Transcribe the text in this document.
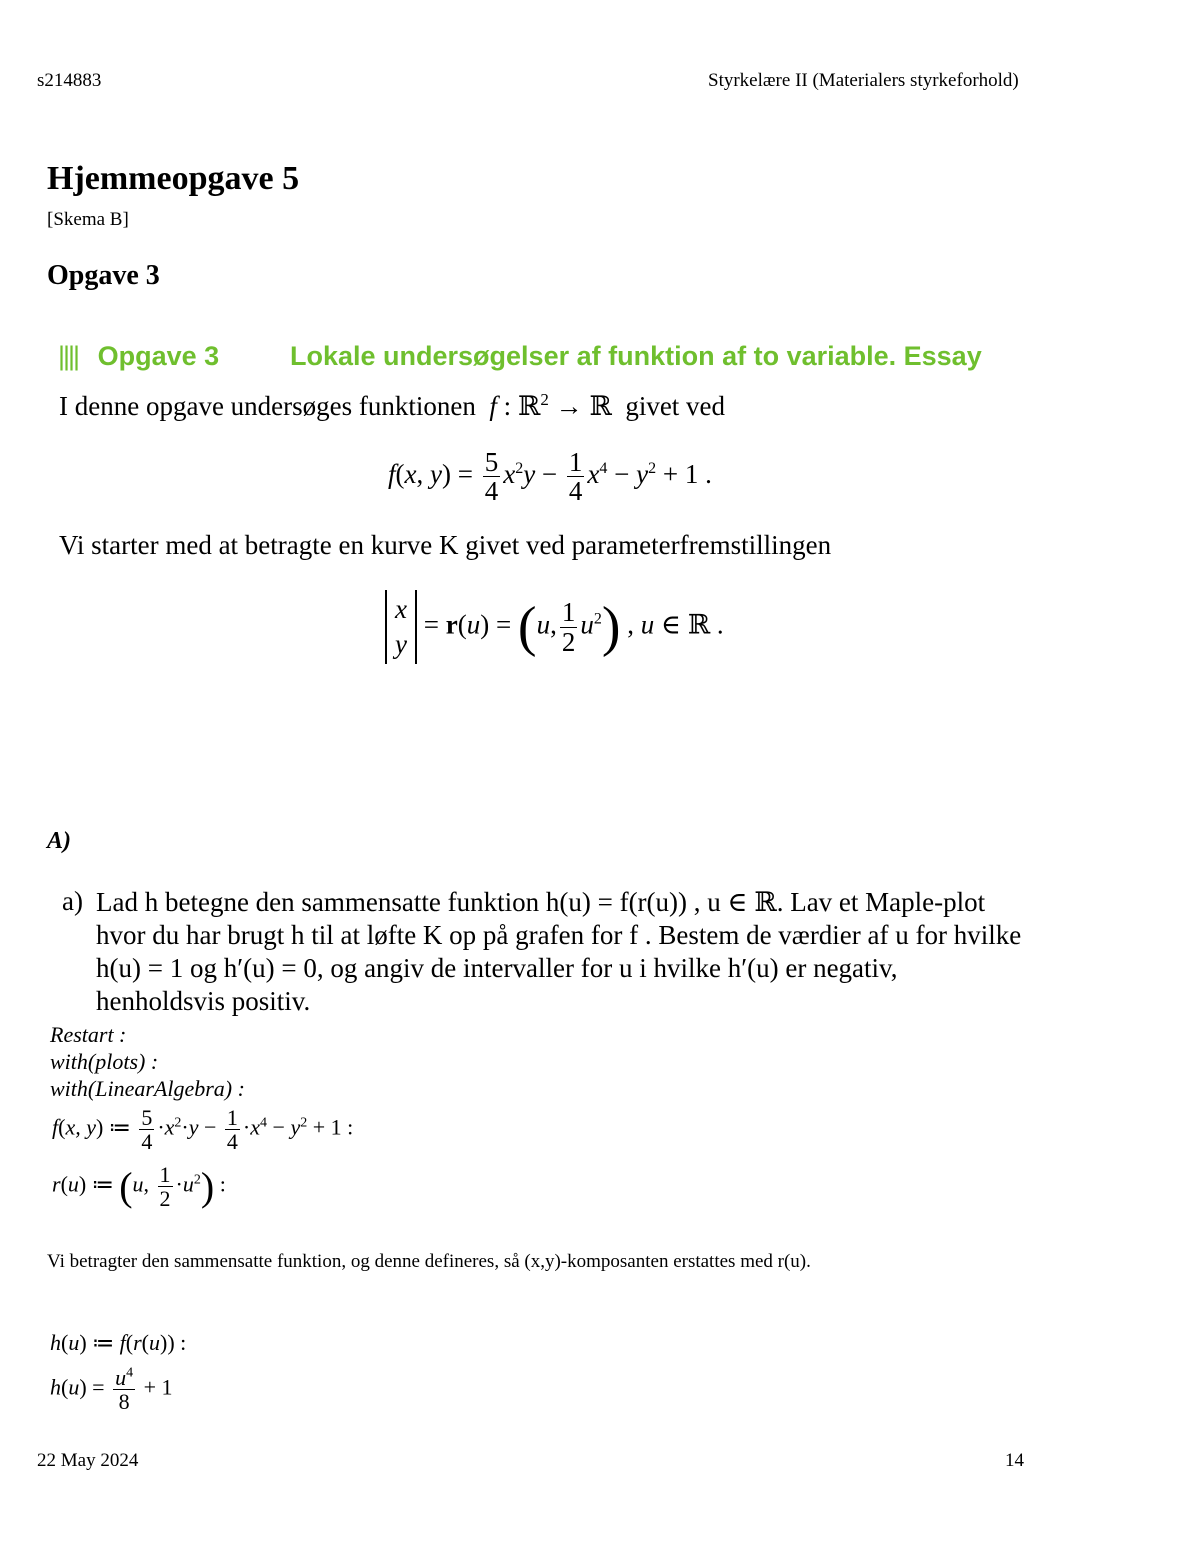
s214883	Styrkelære II (Materialers styrkeforhold)
Hjemmeopgave 5
[Skema B]
Opgave 3
|||| Opgave 3	Lokale undersøgelser af funktion af to variable. Essay
I denne opgave undersøges funktionen  f : ℝ$^2$ → ℝ  givet ved
f(x, $y) = \frac{5}{4} x^2y - \frac{1}{4} x^4 - y^2 + 1$ .
Vi starter med at betragte en kurve K givet ved parameterfremstillingen
x
y = r(u) = (u, $\frac{1}{2} u^2$) , u ∈ ℝ .
A)
a) Lad h betegne den sammensatte funktion h(u) = f(r(u)) , u ∈ ℝ. Lav et Maple-plot hvor du har brugt h til at løfte K op på grafen for f . Bestem de værdier af u for hvilke h(u) = 1 og h′(u) = 0, og angiv de intervaller for u i hvilke h′(u) er negativ, henholdsvis positiv.
Restart :
with(plots) :
with(LinearAlgebra) :
f(x, y) ≔ $\frac{5}{4} \cdot x^2\cdot y - \frac{1}{4} \cdot x^4 - y^2 + 1$ :
r(u) ≔ (u, $\frac{1}{2} \cdot u^2$) :
Vi betragter den sammensatte funktion, og denne defineres, så (x,y)-komposanten erstattes med r(u).
h(u) ≔ f(r(u)) :
$h(u) = \frac{u^4}{8} + 1$
22 May 2024	14
